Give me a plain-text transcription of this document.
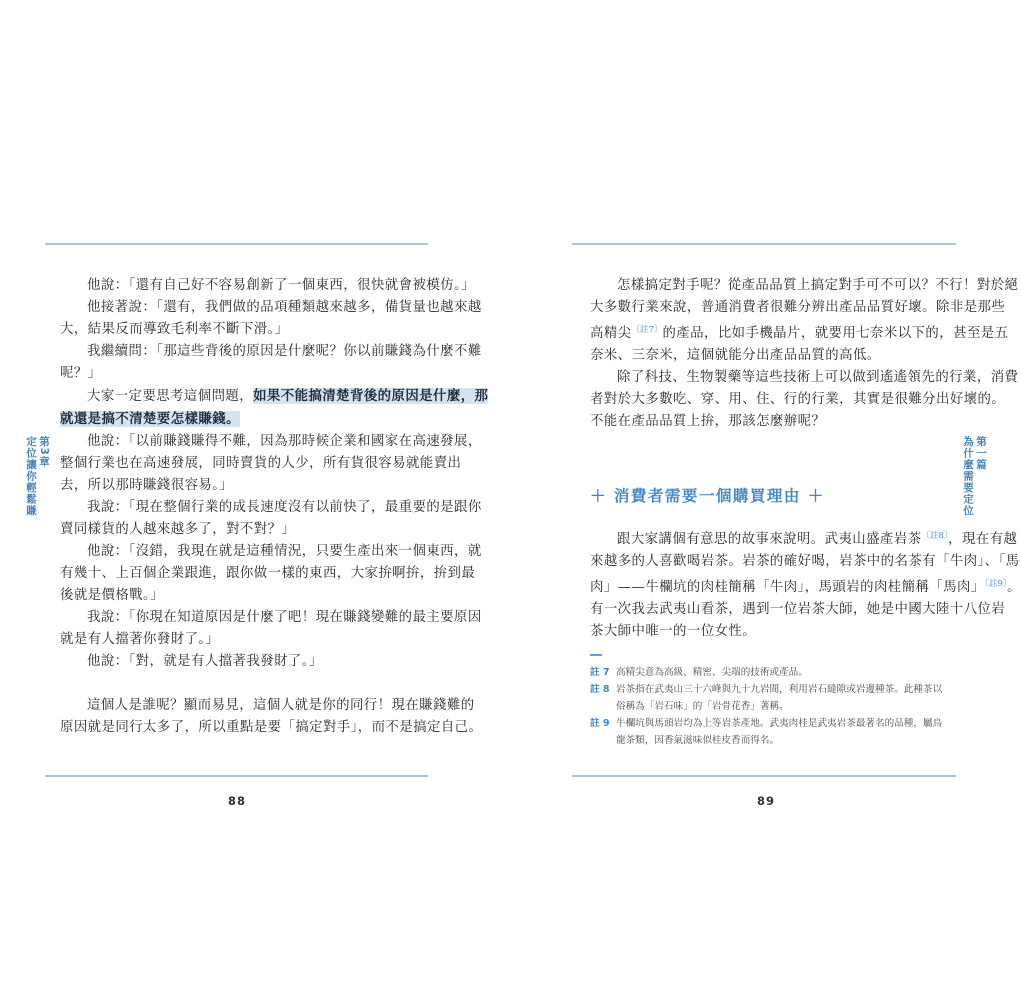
第3章
定位讓你輕鬆賺

他說：「還有自己好不容易創新了一個東西，很快就會被模仿。」

他接著說：「還有，我們做的品項種類越來越多，備貨量也越來越
大，結果反而導致毛利率不斷下滑。」

我繼續問：「那這些背後的原因是什麼呢？你以前賺錢為什麼不難
呢？」

大家一定要思考這個問題，如果不能搞清楚背後的原因是什麼，那
就還是搞不清楚要怎樣賺錢。

他說：「以前賺錢賺得不難，因為那時候企業和國家在高速發展，
整個行業也在高速發展，同時賣貨的人少，所有貨很容易就能賣出
去，所以那時賺錢很容易。」

我說：「現在整個行業的成長速度沒有以前快了，最重要的是跟你
賣同樣貨的人越來越多了，對不對？」

他說：「沒錯，我現在就是這種情況，只要生產出來一個東西，就
有幾十、上百個企業跟進，跟你做一樣的東西，大家拚啊拚，拚到最
後就是價格戰。」

我說：「你現在知道原因是什麼了吧！現在賺錢變難的最主要原因
就是有人擋著你發財了。」

他說：「對，就是有人擋著我發財了。」

這個人是誰呢？顯而易見，這個人就是你的同行！現在賺錢難的
原因就是同行太多了，所以重點是要「搞定對手」，而不是搞定自己。

88
第一篇
為什麼需要定位

怎樣搞定對手呢？從產品品質上搞定對手可不可以？不行！對於絕
大多數行業來說，普通消費者很難分辨出產品品質好壞。除非是那些
高精尖$^{〔註7〕}$的產品，比如手機晶片，就要用七奈米以下的，甚至是五
奈米、三奈米，這個就能分出產品品質的高低。

除了科技、生物製藥等這些技術上可以做到遙遙領先的行業，消費
者對於大多數吃、穿、用、住、行的行業，其實是很難分出好壞的。
不能在產品品質上拚，那該怎麼辦呢？

＋ 消費者需要一個購買理由 ＋

跟大家講個有意思的故事來說明。武夷山盛產岩茶$^{〔註8〕}$，現在有越
來越多的人喜歡喝岩茶。岩茶的確好喝，岩茶中的名茶有「牛肉」、「馬
肉」——牛欄坑的肉桂簡稱「牛肉」，馬頭岩的肉桂簡稱「馬肉」$^{〔註9〕}$。
有一次我去武夷山看茶，遇到一位岩茶大師，她是中國大陸十八位岩
茶大師中唯一的一位女性。

註 7 高精尖意為高級、精密、尖端的技術或產品。
註 8 岩茶指在武夷山三十六峰與九十九岩間，利用岩石縫隙或岩邊種茶。此種茶以
俗稱為「岩石味」的「岩骨花香」著稱。
註 9 牛欄坑與馬頭岩均為上等岩茶產地。武夷肉桂是武夷岩茶最著名的品種，屬烏
龍茶類，因香氣滋味似桂皮香而得名。
89
